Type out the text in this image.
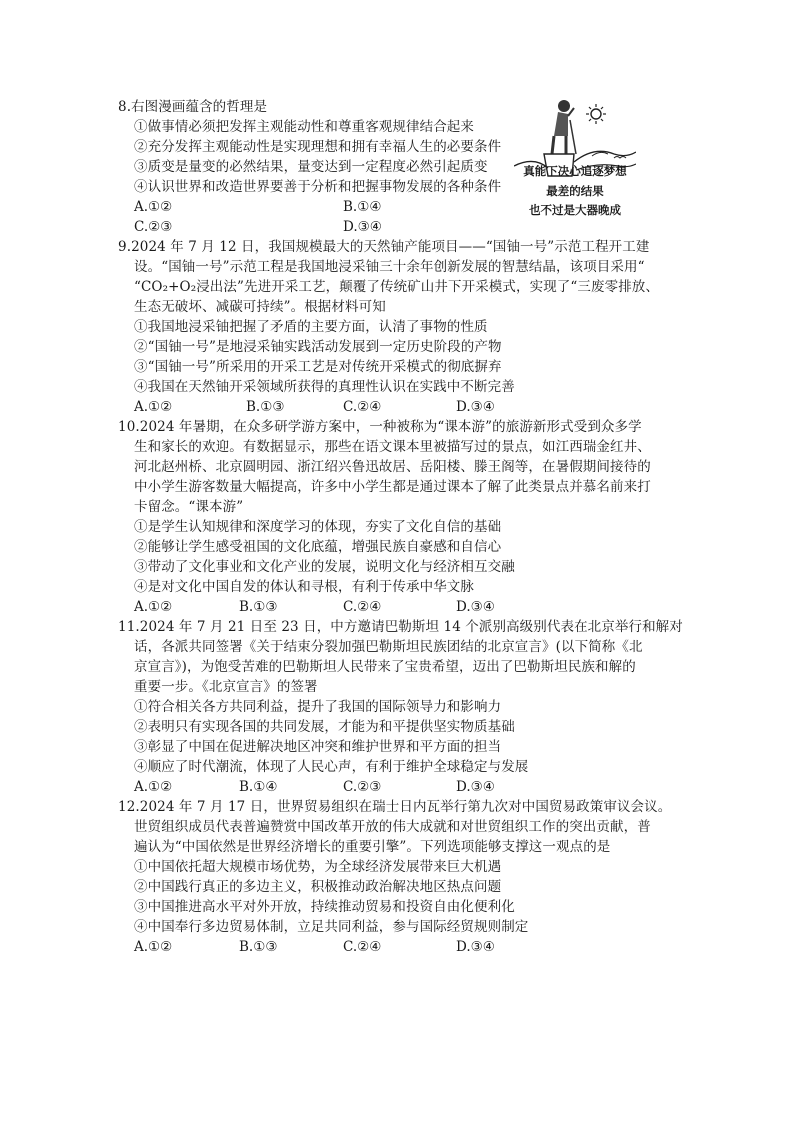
8.右图漫画蕴含的哲理是
①做事情必须把发挥主观能动性和尊重客观规律结合起来
②充分发挥主观能动性是实现理想和拥有幸福人生的必要条件
③质变是量变的必然结果，量变达到一定程度必然引起质变
④认识世界和改造世界要善于分析和把握事物发展的各种条件
A.①②	B.①④
C.②③	D.③④
真能下决心追逐梦想
最差的结果
也不过是大器晚成
9.2024 年 7 月 12 日，我国规模最大的天然铀产能项目——“国铀一号”示范工程开工建
设。“国铀一号”示范工程是我国地浸采铀三十余年创新发展的智慧结晶，该项目采用“
“CO₂+O₂浸出法”先进开采工艺，颠覆了传统矿山井下开采模式，实现了“三废零排放、
生态无破坏、减碳可持续”。根据材料可知
①我国地浸采铀把握了矛盾的主要方面，认清了事物的性质
②“国铀一号”是地浸采铀实践活动发展到一定历史阶段的产物
③“国铀一号”所采用的开采工艺是对传统开采模式的彻底摒弃
④我国在天然铀开采领域所获得的真理性认识在实践中不断完善
A.①②	B.①③	C.②④	D.③④
10.2024 年暑期，在众多研学游方案中，一种被称为“课本游”的旅游新形式受到众多学
生和家长的欢迎。有数据显示，那些在语文课本里被描写过的景点，如江西瑞金红井、
河北赵州桥、北京圆明园、浙江绍兴鲁迅故居、岳阳楼、滕王阁等，在暑假期间接待的
中小学生游客数量大幅提高，许多中小学生都是通过课本了解了此类景点并慕名前来打
卡留念。“课本游”
①是学生认知规律和深度学习的体现，夯实了文化自信的基础
②能够让学生感受祖国的文化底蕴，增强民族自豪感和自信心
③带动了文化事业和文化产业的发展，说明文化与经济相互交融
④是对文化中国自发的体认和寻根，有利于传承中华文脉
A.①②	B.①③	C.②④	D.③④
11.2024 年 7 月 21 日至 23 日，中方邀请巴勒斯坦 14 个派别高级别代表在北京举行和解对
话，各派共同签署《关于结束分裂加强巴勒斯坦民族团结的北京宣言》(以下简称《北
京宣言》)，为饱受苦难的巴勒斯坦人民带来了宝贵希望，迈出了巴勒斯坦民族和解的
重要一步。《北京宣言》的签署
①符合相关各方共同利益，提升了我国的国际领导力和影响力
②表明只有实现各国的共同发展，才能为和平提供坚实物质基础
③彰显了中国在促进解决地区冲突和维护世界和平方面的担当
④顺应了时代潮流，体现了人民心声，有利于维护全球稳定与发展
A.①②	B.①④	C.②③	D.③④
12.2024 年 7 月 17 日，世界贸易组织在瑞士日内瓦举行第九次对中国贸易政策审议会议。
世贸组织成员代表普遍赞赏中国改革开放的伟大成就和对世贸组织工作的突出贡献，普
遍认为“中国依然是世界经济增长的重要引擎”。下列选项能够支撑这一观点的是
①中国依托超大规模市场优势，为全球经济发展带来巨大机遇
②中国践行真正的多边主义，积极推动政治解决地区热点问题
③中国推进高水平对外开放，持续推动贸易和投资自由化便利化
④中国奉行多边贸易体制，立足共同利益，参与国际经贸规则制定
A.①②	B.①③	C.②④	D.③④
